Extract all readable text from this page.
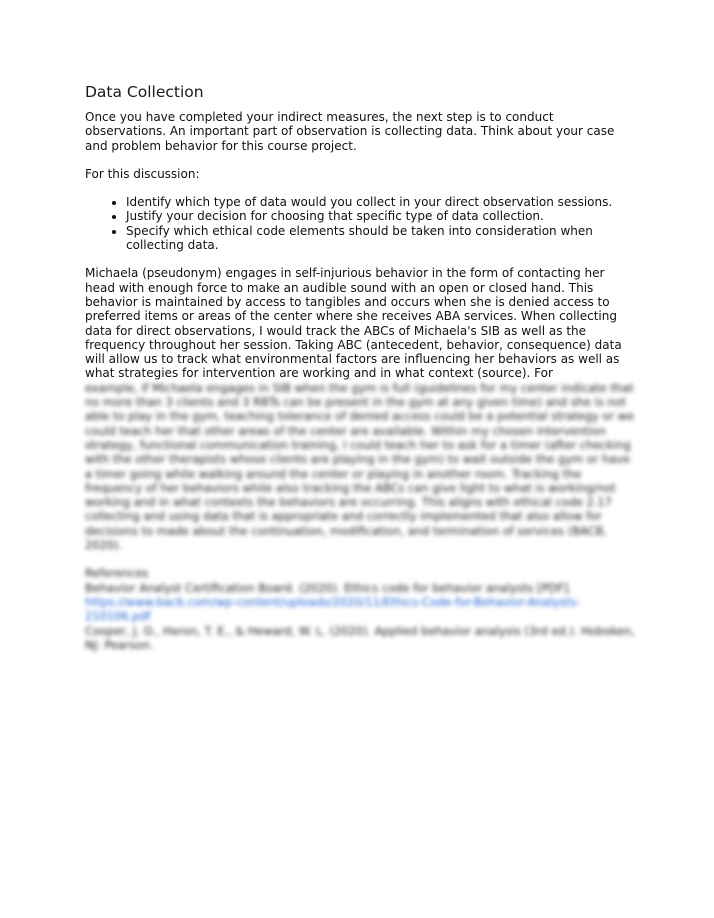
Data Collection

Once you have completed your indirect measures, the next step is to conduct observations. An important part of observation is collecting data. Think about your case and problem behavior for this course project.

For this discussion:

• Identify which type of data would you collect in your direct observation sessions.
• Justify your decision for choosing that specific type of data collection.
• Specify which ethical code elements should be taken into consideration when collecting data.

Michaela (pseudonym) engages in self-injurious behavior in the form of contacting her head with enough force to make an audible sound with an open or closed hand. This behavior is maintained by access to tangibles and occurs when she is denied access to preferred items or areas of the center where she receives ABA services. When collecting data for direct observations, I would track the ABCs of Michaela's SIB as well as the frequency throughout her session. Taking ABC (antecedent, behavior, consequence) data will allow us to track what environmental factors are influencing her behaviors as well as what strategies for intervention are working and in what context (source). For

example, if Michaela engages in SIB when the gym is full (guidelines for my center indicate that no more than 3 clients and 3 RBTs can be present in the gym at any given time) and she is not able to play in the gym, teaching tolerance of denied access could be a potential strategy or we could teach her that other areas of the center are available. Within my chosen intervention strategy, functional communication training, I could teach her to ask for a timer (after checking with the other therapists whose clients are playing in the gym) to wait outside the gym or have a timer going while walking around the center or playing in another room. Tracking the frequency of her behaviors while also tracking the ABCs can give light to what is working/not working and in what contexts the behaviors are occurring. This aligns with ethical code 2.17 collecting and using data that is appropriate and correctly implemented that also allow for decisions to made about the continuation, modification, and termination of services (BACB, 2020).

References

Behavior Analyst Certification Board. (2020). Ethics code for behavior analysts [PDF].
https://www.bacb.com/wp-content/uploads/2020/11/Ethics-Code-for-Behavior-Analysts-210106.pdf

Cooper, J. O., Heron, T. E., & Heward, W. L. (2020). Applied behavior analysis (3rd ed.). Hoboken, NJ: Pearson.
